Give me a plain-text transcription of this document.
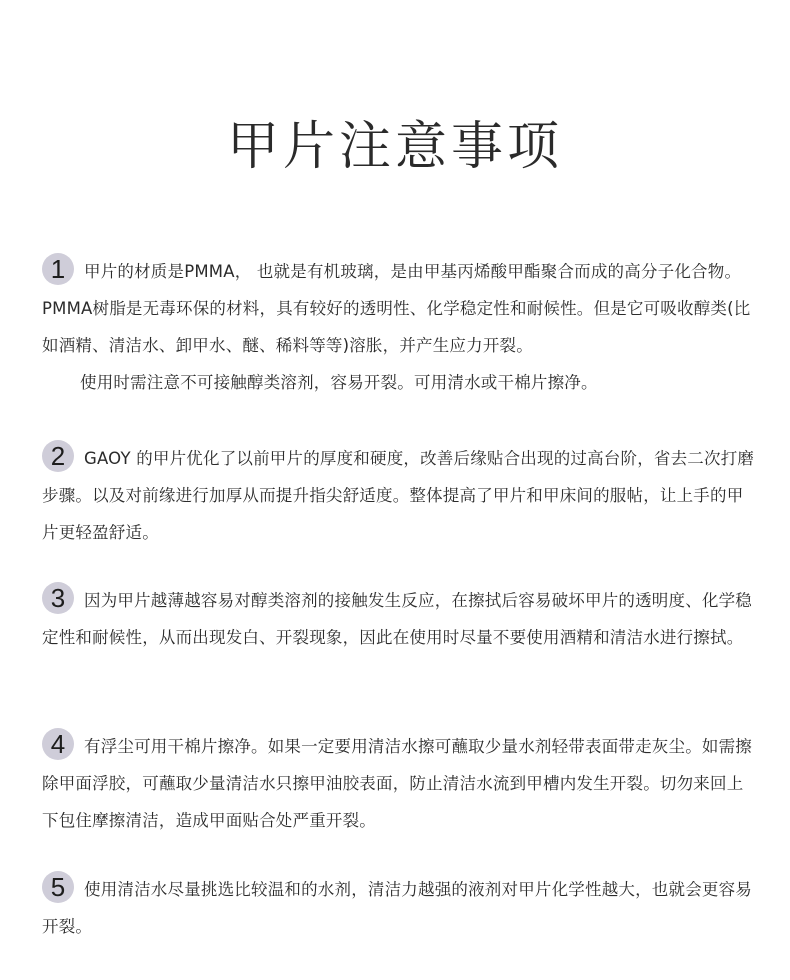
甲片注意事项
1	甲片的材质是PMMA， 也就是有机玻璃，是由甲基丙烯酸甲酯聚合而成的高分子化合物。PMMA树脂是无毒环保的材料，具有较好的透明性、化学稳定性和耐候性。但是它可吸收醇类(比如酒精、清洁水、卸甲水、醚、稀料等等)溶胀，并产生应力开裂。

使用时需注意不可接触醇类溶剂，容易开裂。可用清水或干棉片擦净。

2	GAOY 的甲片优化了以前甲片的厚度和硬度，改善后缘贴合出现的过高台阶，省去二次打磨步骤。以及对前缘进行加厚从而提升指尖舒适度。整体提高了甲片和甲床间的服帖，让上手的甲片更轻盈舒适。

3	因为甲片越薄越容易对醇类溶剂的接触发生反应，在擦拭后容易破坏甲片的透明度、化学稳定性和耐候性，从而出现发白、开裂现象，因此在使用时尽量不要使用酒精和清洁水进行擦拭。

4	有浮尘可用干棉片擦净。如果一定要用清洁水擦可蘸取少量水剂轻带表面带走灰尘。如需擦除甲面浮胶，可蘸取少量清洁水只擦甲油胶表面，防止清洁水流到甲槽内发生开裂。切勿来回上下包住摩擦清洁，造成甲面贴合处严重开裂。

5	使用清洁水尽量挑选比较温和的水剂，清洁力越强的液剂对甲片化学性越大，也就会更容易开裂。
